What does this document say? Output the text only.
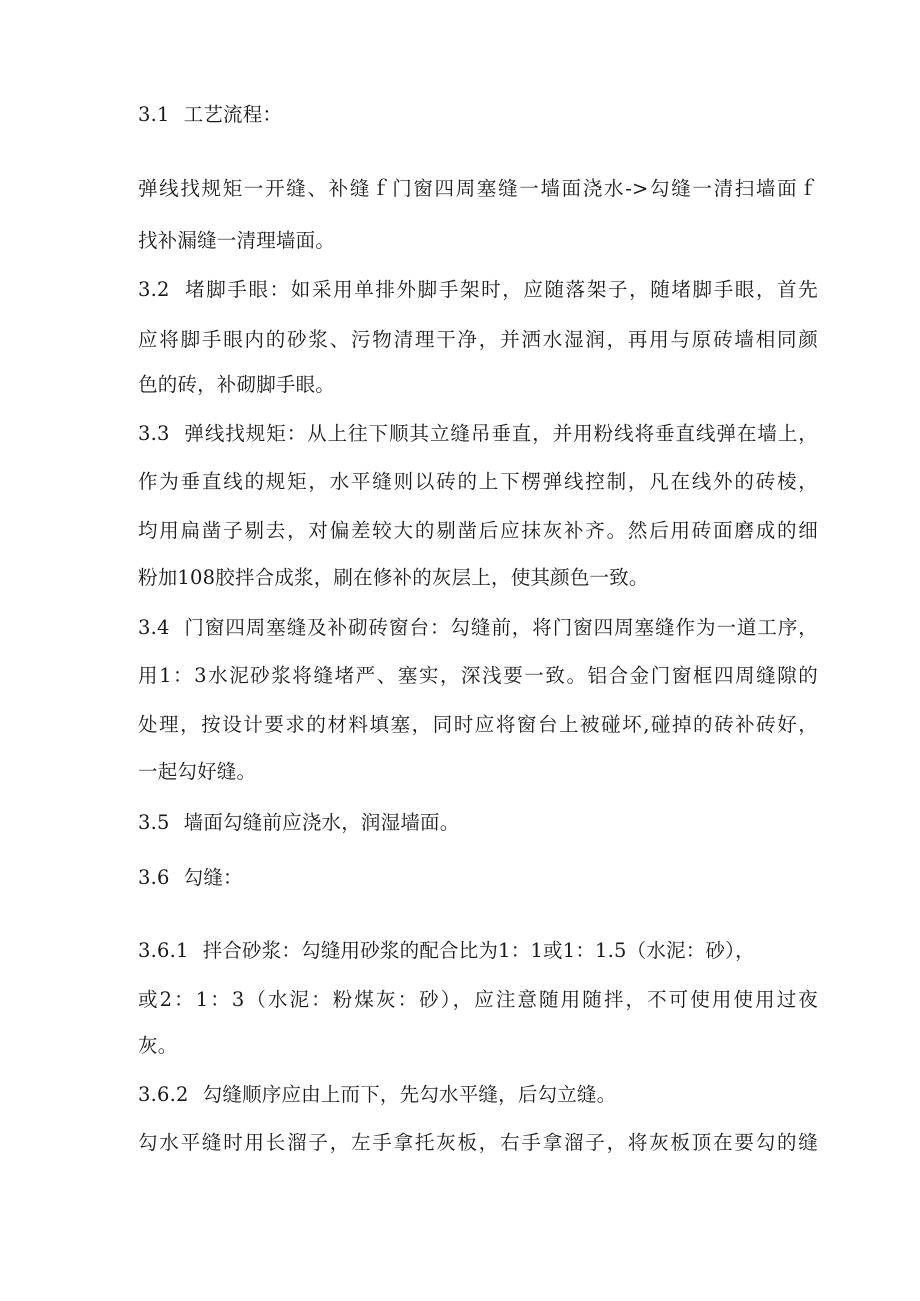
3.1 工艺流程：
弹线找规矩一开缝、补缝ｆ门窗四周塞缝一墙面浇水->勾缝一清扫墙面ｆ
找补漏缝一清理墙面。
3.2 堵脚手眼：如采用单排外脚手架时，应随落架子，随堵脚手眼，首先
应将脚手眼内的砂浆、污物清理干净，并洒水湿润，再用与原砖墙相同颜
色的砖，补砌脚手眼。
3.3 弹线找规矩：从上往下顺其立缝吊垂直，并用粉线将垂直线弹在墙上，
作为垂直线的规矩，水平缝则以砖的上下楞弹线控制，凡在线外的砖棱，
均用扁凿子剔去，对偏差较大的剔凿后应抹灰补齐。然后用砖面磨成的细
粉加108胶拌合成浆，刷在修补的灰层上，使其颜色一致。
3.4 门窗四周塞缝及补砌砖窗台：勾缝前，将门窗四周塞缝作为一道工序，
用1：3水泥砂浆将缝堵严、塞实，深浅要一致。铝合金门窗框四周缝隙的
处理，按设计要求的材料填塞，同时应将窗台上被碰坏,碰掉的砖补砖好，
一起勾好缝。
3.5 墙面勾缝前应浇水，润湿墙面。
3.6 勾缝：
3.6.1 拌合砂浆：勾缝用砂浆的配合比为1：1或1：1.5（水泥：砂），
或2：1：3（水泥：粉煤灰：砂），应注意随用随拌，不可使用使用过夜
灰。
3.6.2 勾缝顺序应由上而下，先勾水平缝，后勾立缝。
勾水平缝时用长溜子，左手拿托灰板，右手拿溜子，将灰板顶在要勾的缝
